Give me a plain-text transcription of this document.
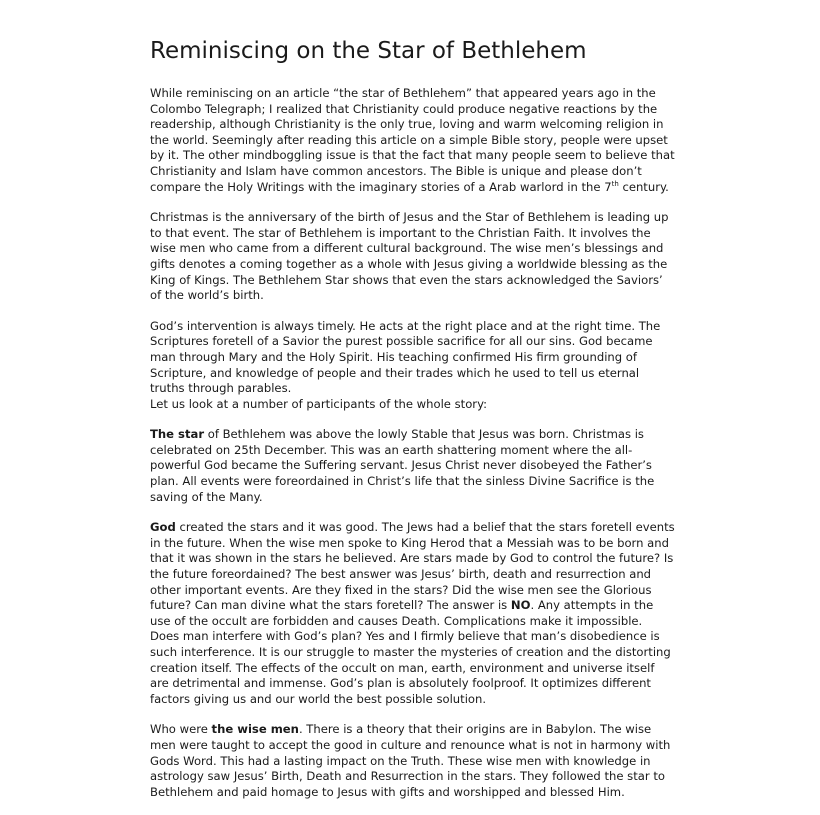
Reminiscing on the Star of Bethlehem

While reminiscing on an article “the star of Bethlehem” that appeared years ago in the Colombo Telegraph; I realized that Christianity could produce negative reactions by the readership, although Christianity is the only true, loving and warm welcoming religion in the world. Seemingly after reading this article on a simple Bible story, people were upset by it. The other mindboggling issue is that the fact that many people seem to believe that Christianity and Islam have common ancestors. The Bible is unique and please don’t compare the Holy Writings with the imaginary stories of a Arab warlord in the 7th century.

Christmas is the anniversary of the birth of Jesus and the Star of Bethlehem is leading up to that event. The star of Bethlehem is important to the Christian Faith. It involves the wise men who came from a different cultural background. The wise men’s blessings and gifts denotes a coming together as a whole with Jesus giving a worldwide blessing as the King of Kings. The Bethlehem Star shows that even the stars acknowledged the Saviors’ of the world’s birth.

God’s intervention is always timely. He acts at the right place and at the right time. The Scriptures foretell of a Savior the purest possible sacrifice for all our sins. God became man through Mary and the Holy Spirit. His teaching confirmed His firm grounding of Scripture, and knowledge of people and their trades which he used to tell us eternal truths through parables.

Let us look at a number of participants of the whole story:

The star of Bethlehem was above the lowly Stable that Jesus was born. Christmas is celebrated on 25th December. This was an earth shattering moment where the all-powerful God became the Suffering servant. Jesus Christ never disobeyed the Father’s plan. All events were foreordained in Christ’s life that the sinless Divine Sacrifice is the saving of the Many.

God created the stars and it was good. The Jews had a belief that the stars foretell events in the future. When the wise men spoke to King Herod that a Messiah was to be born and that it was shown in the stars he believed. Are stars made by God to control the future? Is the future foreordained? The best answer was Jesus’ birth, death and resurrection and other important events. Are they fixed in the stars? Did the wise men see the Glorious future? Can man divine what the stars foretell? The answer is NO. Any attempts in the use of the occult are forbidden and causes Death. Complications make it impossible. Does man interfere with God’s plan? Yes and I firmly believe that man’s disobedience is such interference. It is our struggle to master the mysteries of creation and the distorting creation itself. The effects of the occult on man, earth, environment and universe itself are detrimental and immense. God’s plan is absolutely foolproof. It optimizes different factors giving us and our world the best possible solution.

Who were the wise men. There is a theory that their origins are in Babylon. The wise men were taught to accept the good in culture and renounce what is not in harmony with Gods Word. This had a lasting impact on the Truth. These wise men with knowledge in astrology saw Jesus’ Birth, Death and Resurrection in the stars. They followed the star to Bethlehem and paid homage to Jesus with gifts and worshipped and blessed Him.
